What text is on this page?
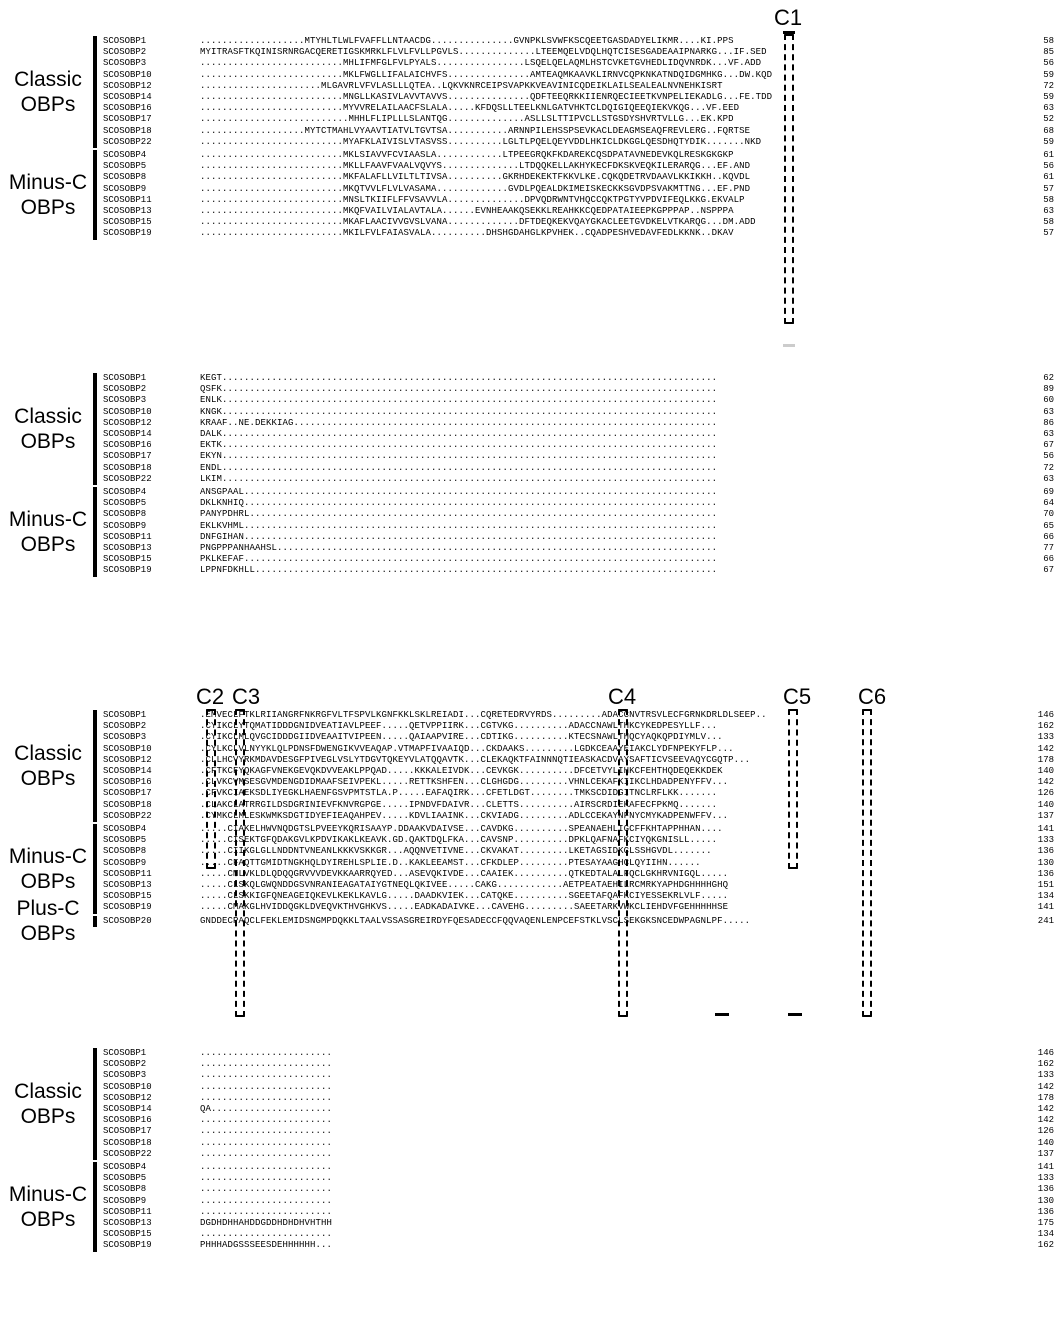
C1
SCOSOBP1	...................MTYHLTLWLFVAFFLLNTAACDG...............GVNPKLSVWFKSCQEETGASDADYELIKMR....KI.PPS	58
SCOSOBP2	MYITRASFTKQINISRNRGACQERETIGSKMRKLFLVLFVLLPGVLS..............LTEEMQELVDQLHQTCISESGADEAAIPNARKG...IF.SED	85
SCOSOBP3	..........................MHLIFMFGLFVLPYALS................LSQELQELAQMLHSTCVKETGVHEDLIDQVNRDK...VF.ADD	56
SCOSOBP10	..........................MKLFWGLLIFALAICHVFS...............AMTEAQMKAAVKLIRNVCQPKNKATNDQIDGMHKG...DW.KQD	59
SCOSOBP12	......................MLGAVRLVFVLASLLLQTEA..LQKVKNRCEIPSVAPKKVEAVINICQDEIKLAILSEALEALNVNEHKISRT	72
SCOSOBP14	..........................MNGLLKASIVLAVVTAVVS...............QDFTEEQRKKIIENRQECIEETKVNPELIEKADLG...FE.TDD	59
SCOSOBP16	..........................MYVVRELAILAACFSLALA.....KFDQSLLTEELKNLGATVHKTCLDQIGIQEEQIEKVKQG...VF.EED	63
SCOSOBP17	...........................MHHLFLIPLLLSLANTQG..............ASLLSLTTIPVCLLSTGSDYSHVRTVLLG...EK.KPD	52
SCOSOBP18	...................MYTCTMAHLVYAAVTIATVLTGVTSA...........ARNNPILEHSSPSEVKACLDEAGMSEAQFREVLERG..FQRTSE	68
SCOSOBP22	..........................MYAFKLAIVISLVTASVSS..........LGLTLPQELQEYVDDLHKICLDKGGLQESDHQTYDIK.......NKD	59
Classic
OBPs
SCOSOBP4	..........................MKLSIAVVFCVIAASLA............LTPEEGRQKFKDAREKCQSDPATAVNEDEVKQLRESKGKGKP	61
SCOSOBP5	..........................MKLLFAAVFVAALVQVYS..............LTDQQKELLAKHYKECFDKSKVEQKILERARQG...EF.AND	56
SCOSOBP8	..........................MKFALAFLLVILTLTIVSA..........GKRHDEKEKTFKKVLKE.CQKQDETRVDAAVLKKIKKH..KQVDL	61
SCOSOBP9	..........................MKQTVVLFLVLVASAMA.............GVDLPQEALDKIMEISKECKKSGVDPSVAKMTTNG...EF.PND	57
SCOSOBP11	..........................MNSLTKIIFLFFVSAVVLA..............DPVQDRWNTVHQCCQKTPGTYVPDVIFEQLKKG.EKVALP	58
SCOSOBP13	..........................MKQFVAILVIALAVTALA......EVNHEAAKQSEKKLREAHKKCQEDPATAIEEPKGPPPAP..NSPPPA	63
SCOSOBP15	..........................MKAFLAACIVVGVSLVANA.............DFTDEQKEKVQAYGKACLEETGVDKELVTKARQG...DM.ADD	58
SCOSOBP19	..........................MKILFVLFAIASVALA..........DHSHGDAHGLKPVHEK..CQADPESHVEDAVFEDLKKNK..DKAV	57
Minus-C
OBPs
SCOSOBP1	KEGT..........................................................................................	62
SCOSOBP2	QSFK..........................................................................................	89
SCOSOBP3	ENLK..........................................................................................	60
SCOSOBP10	KNGK..........................................................................................	63
SCOSOBP12	KRAAF..NE.DEKKIAG.............................................................................	86
SCOSOBP14	DALK..........................................................................................	63
SCOSOBP16	EKTK..........................................................................................	67
SCOSOBP17	EKYN..........................................................................................	56
SCOSOBP18	ENDL..........................................................................................	72
SCOSOBP22	LKIM..........................................................................................	63
Classic
OBPs
SCOSOBP4	ANSGPAAL......................................................................................	69
SCOSOBP5	DKLKNHIQ......................................................................................	64
SCOSOBP8	PANYPDHRL.....................................................................................	70
SCOSOBP9	EKLKVHML......................................................................................	65
SCOSOBP11	DNFGIHAN......................................................................................	66
SCOSOBP13	PNGPPPANHAAHSL................................................................................	77
SCOSOBP15	PKLKEFAF......................................................................................	66
SCOSOBP19	LPPNFDKHLL....................................................................................	67
Minus-C
OBPs
C2 C3	C4	C5 C6
SCOSOBP1	.EMVECLFTKLRIIANGRFNKRGFVLTFSPVLKGNFKKLSKLREIADI...CQRETEDRVYRDS.........ADACCNVTRSVLECFGRNKDRLDLSEEP..	146
SCOSOBP2	.CYIKCLYTQMATIDDDGNIDVEATIAVLPEEF.....QETVPPIIRK...CGTVKG..........ADACCNAWLTHKCYKEDPESYLLF...	162
SCOSOBP3	.CYIKCLMLQVGCIDDDGIIDVEAAITVIPEEN.....QAIAAPVIRE...CDTIKG..........KTECSNAWLTHQCYAQKQPDIYMLV...	133
SCOSOBP10	.CYLKCLVLNYYKLQLPDNSFDWENGIKVVEAQAP.VTMAPFIVAAIQD...CKDAAKS.........LGDKCEAAYEIAKCLYDFNPEKYFLP...	142
SCOSOBP12	.CLLHCVYRKMDAVDESGFPIVEGLVSLYTDGVTQKEYVLATQQAVTK...CLEKAQKTFAINNNQTIEASKACDVAYSAFTICVSEEVAQYCGQTP...	178
SCOSOBP14	.CFTKCFYQKAGFVNEKGEVQKDVVEAKLPPQAD.....KKKALEIVDK...CEVKGK..........DFCETVYLIHKCFEHTHQDEQEKKDEK	140
SCOSOBP16	.CLVKCVMSESGVMDENGDIDMAAFSEIVPEKL.....RETTKSHFEN...CLGHGDG.........VHNLCEKAFKIIKCLHDADPENYFFV...	142
SCOSOBP17	.CFVKCIAEKSDLIYEGKLHAENFGSVPMTSTLA.P.....EAFAQIRK...CFETLDGT........TMKSCDIDGITNCLRFLKK.......	126
SCOSOBP18	.CLAKCLATRRGILDSDGRINIEVFKNVRGPGE.....IPNDVFDAIVR...CLETTS..........AIRSCRDIEKAFECFPKMQ.......	140
SCOSOBP22	.CYMKCLMLESKWMKSDGTIDYEFIEAQAHPEV.....KDVLIAAINK...CKVIADG.........ADLCCEKAYNFNYCMYKADPENWFFV...	137
Classic
OBPs
SCOSOBP4	.....CIAKELHWVNQDGTSLPVEEYKQRISAAYP.DDAAKVDAIVSE...CAVDKG..........SPEANAEHLIGCFFKHTAPPHHAN....	141
SCOSOBP5	.....CISEKTGFQDAKGVLKPDVIKAKLKEAVK.GD.QAKTDQLFKA...CAVSNP..........DPKLQAFNAFKCIYQKGNISLL.....	133
SCOSOBP8	.....CIIKGLGLLNDDNTVNEANLKKKVSKKGR...AQQNVETIVNE...CKVAKAT.........LKETAGSIDKCLSSHGVDL.......	136
SCOSOBP9	.....CFAQTTGMIDTNGKHQLDYIREHLSPLIE.D..KAKLEEAMST...CFKDLEP.........PTESAYAAGHCLQYIIHN......	130
SCOSOBP11	.....CMLVKLDLQDQQGRVVVDEVKKAARRQYED...ASEVQKIVDE...CAAIEK..........QTKEDTALALFQCLGKHRVNIGQL.....	136
SCOSOBP13	.....CLSKQLGWQNDDGSVNRANIEAGATAIYGTNEQLQKIVEE.....CAKG............AETPEATAEHILRCMRKYAPHDGHHHHGHQ	151
SCOSOBP15	.....CLSKKIGFQNEAGEIQKEVLKEKLKAVLG.....DAADKVIEK...CATQKE..........SGEETAFQAFKCIYESSEKRLVLF.....	134
SCOSOBP19	.....CMAKGLHVIDDQGKLDVEQVKTHVGHKVS.....EADKADAIVKE...CAVEHG.........SAEETARKVWKCLIEHDVFGEHHHHHSE	141
Minus-C
OBPs
SCOSOBP20	GNDDECPAQCLFEKLEMIDSNGMPDQKKLTAALVSSASGREIRDYFQESADECCFQQVAQENLENPCEFSTKLVSCLSEKGKSNCEDWPAGNLPF.....	241
Plus-C
OBPs
SCOSOBP1	........................	146
SCOSOBP2	........................	162
SCOSOBP3	........................	133
SCOSOBP10	........................	142
SCOSOBP12	........................	178
SCOSOBP14	QA......................	142
SCOSOBP16	........................	142
SCOSOBP17	........................	126
SCOSOBP18	........................	140
SCOSOBP22	........................	137
Classic
OBPs
SCOSOBP4	........................	141
SCOSOBP5	........................	133
SCOSOBP8	........................	136
SCOSOBP9	........................	130
SCOSOBP11	........................	136
SCOSOBP13	DGDHDHHAHDDGDDHDHDHVHTHH	175
SCOSOBP15	........................	134
SCOSOBP19	PHHHADGSSSEESDEHHHHHH...	162
Minus-C
OBPs
